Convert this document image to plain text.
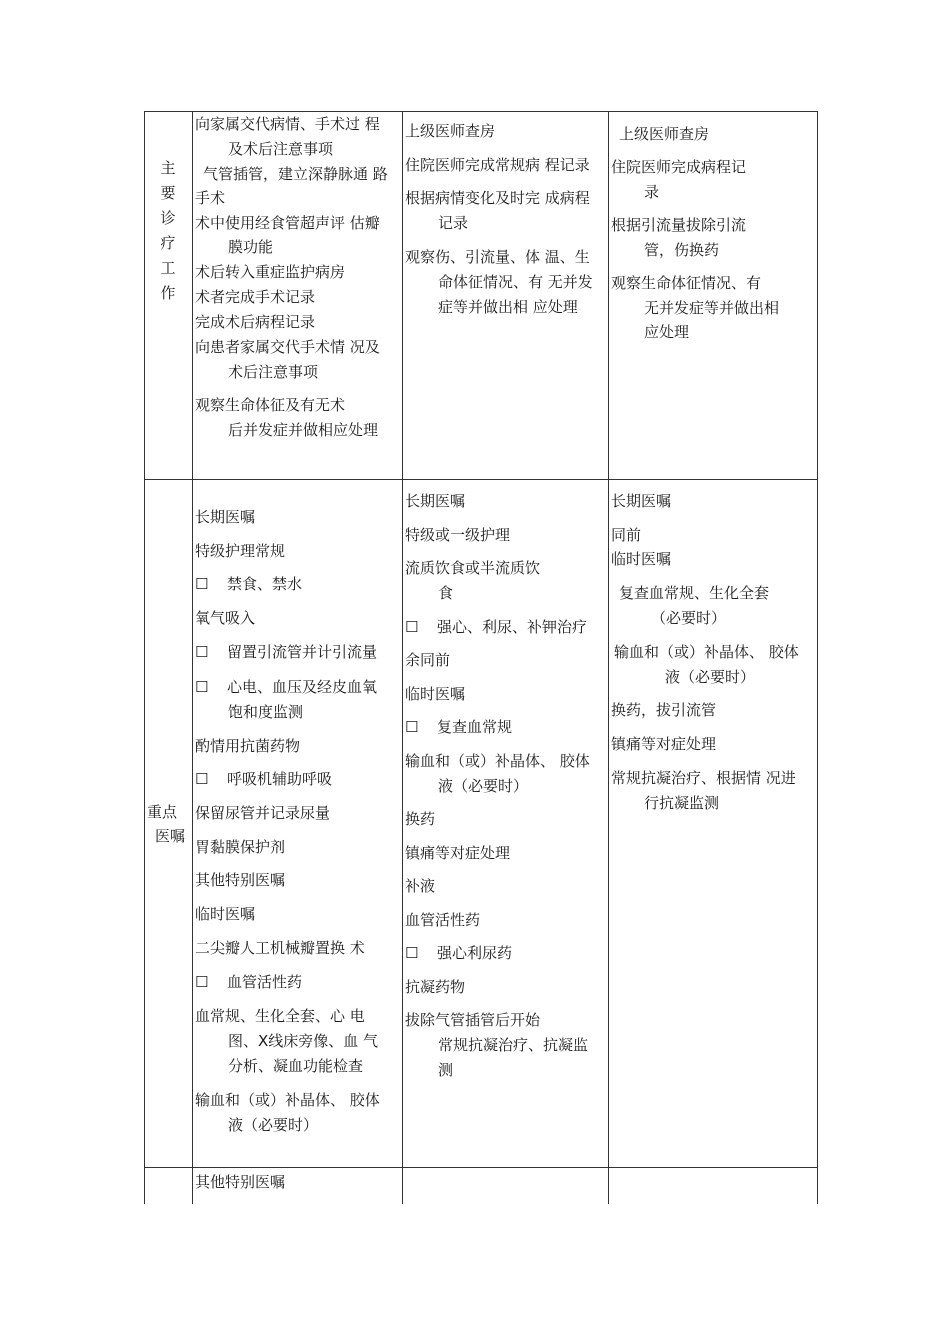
主
要
诊
疗
工
作
向家属交代病情、手术过 程
及术后注意事项
气管插管，建立深静脉通 路
手术
术中使用经食管超声评 估瓣
膜功能
术后转入重症监护病房
术者完成手术记录
完成术后病程记录
向患者家属交代手术情 况及
术后注意事项
观察生命体征及有无术
后并发症并做相应处理
上级医师查房
住院医师完成常规病 程记录
根据病情变化及时完 成病程
记录
观察伤、引流量、体 温、生
命体征情况、有 无并发
症等并做出相 应处理
上级医师查房
住院医师完成病程记
录
根据引流量拔除引流
管，伤换药
观察生命体征情况、有
无并发症等并做出相
应处理
重点
医嘱
长期医嘱
特级护理常规
☐ 禁食、禁水
氧气吸入
☐ 留置引流管并计引流量
☐ 心电、血压及经皮血氧
饱和度监测
酌情用抗菌药物
☐ 呼吸机辅助呼吸
保留尿管并记录尿量
胃黏膜保护剂
其他特别医嘱
临时医嘱
二尖瓣人工机械瓣置换 术
☐ 血管活性药
血常规、生化全套、心 电
图、X线床旁像、血 气
分析、凝血功能检查
输血和（或）补晶体、 胶体
液（必要时）
长期医嘱
特级或一级护理
流质饮食或半流质饮
食
☐ 强心、利尿、补钾治疗
余同前
临时医嘱
☐ 复查血常规
输血和（或）补晶体、 胶体
液（必要时）
换药
镇痛等对症处理
补液
血管活性药
☐ 强心利尿药
抗凝药物
拔除气管插管后开始
常规抗凝治疗、抗凝监
测
长期医嘱
同前
临时医嘱
复查血常规、生化全套
（必要时）
输血和（或）补晶体、 胶体
液（必要时）
换药，拔引流管
镇痛等对症处理
常规抗凝治疗、根据情 况进
行抗凝监测
其他特别医嘱
